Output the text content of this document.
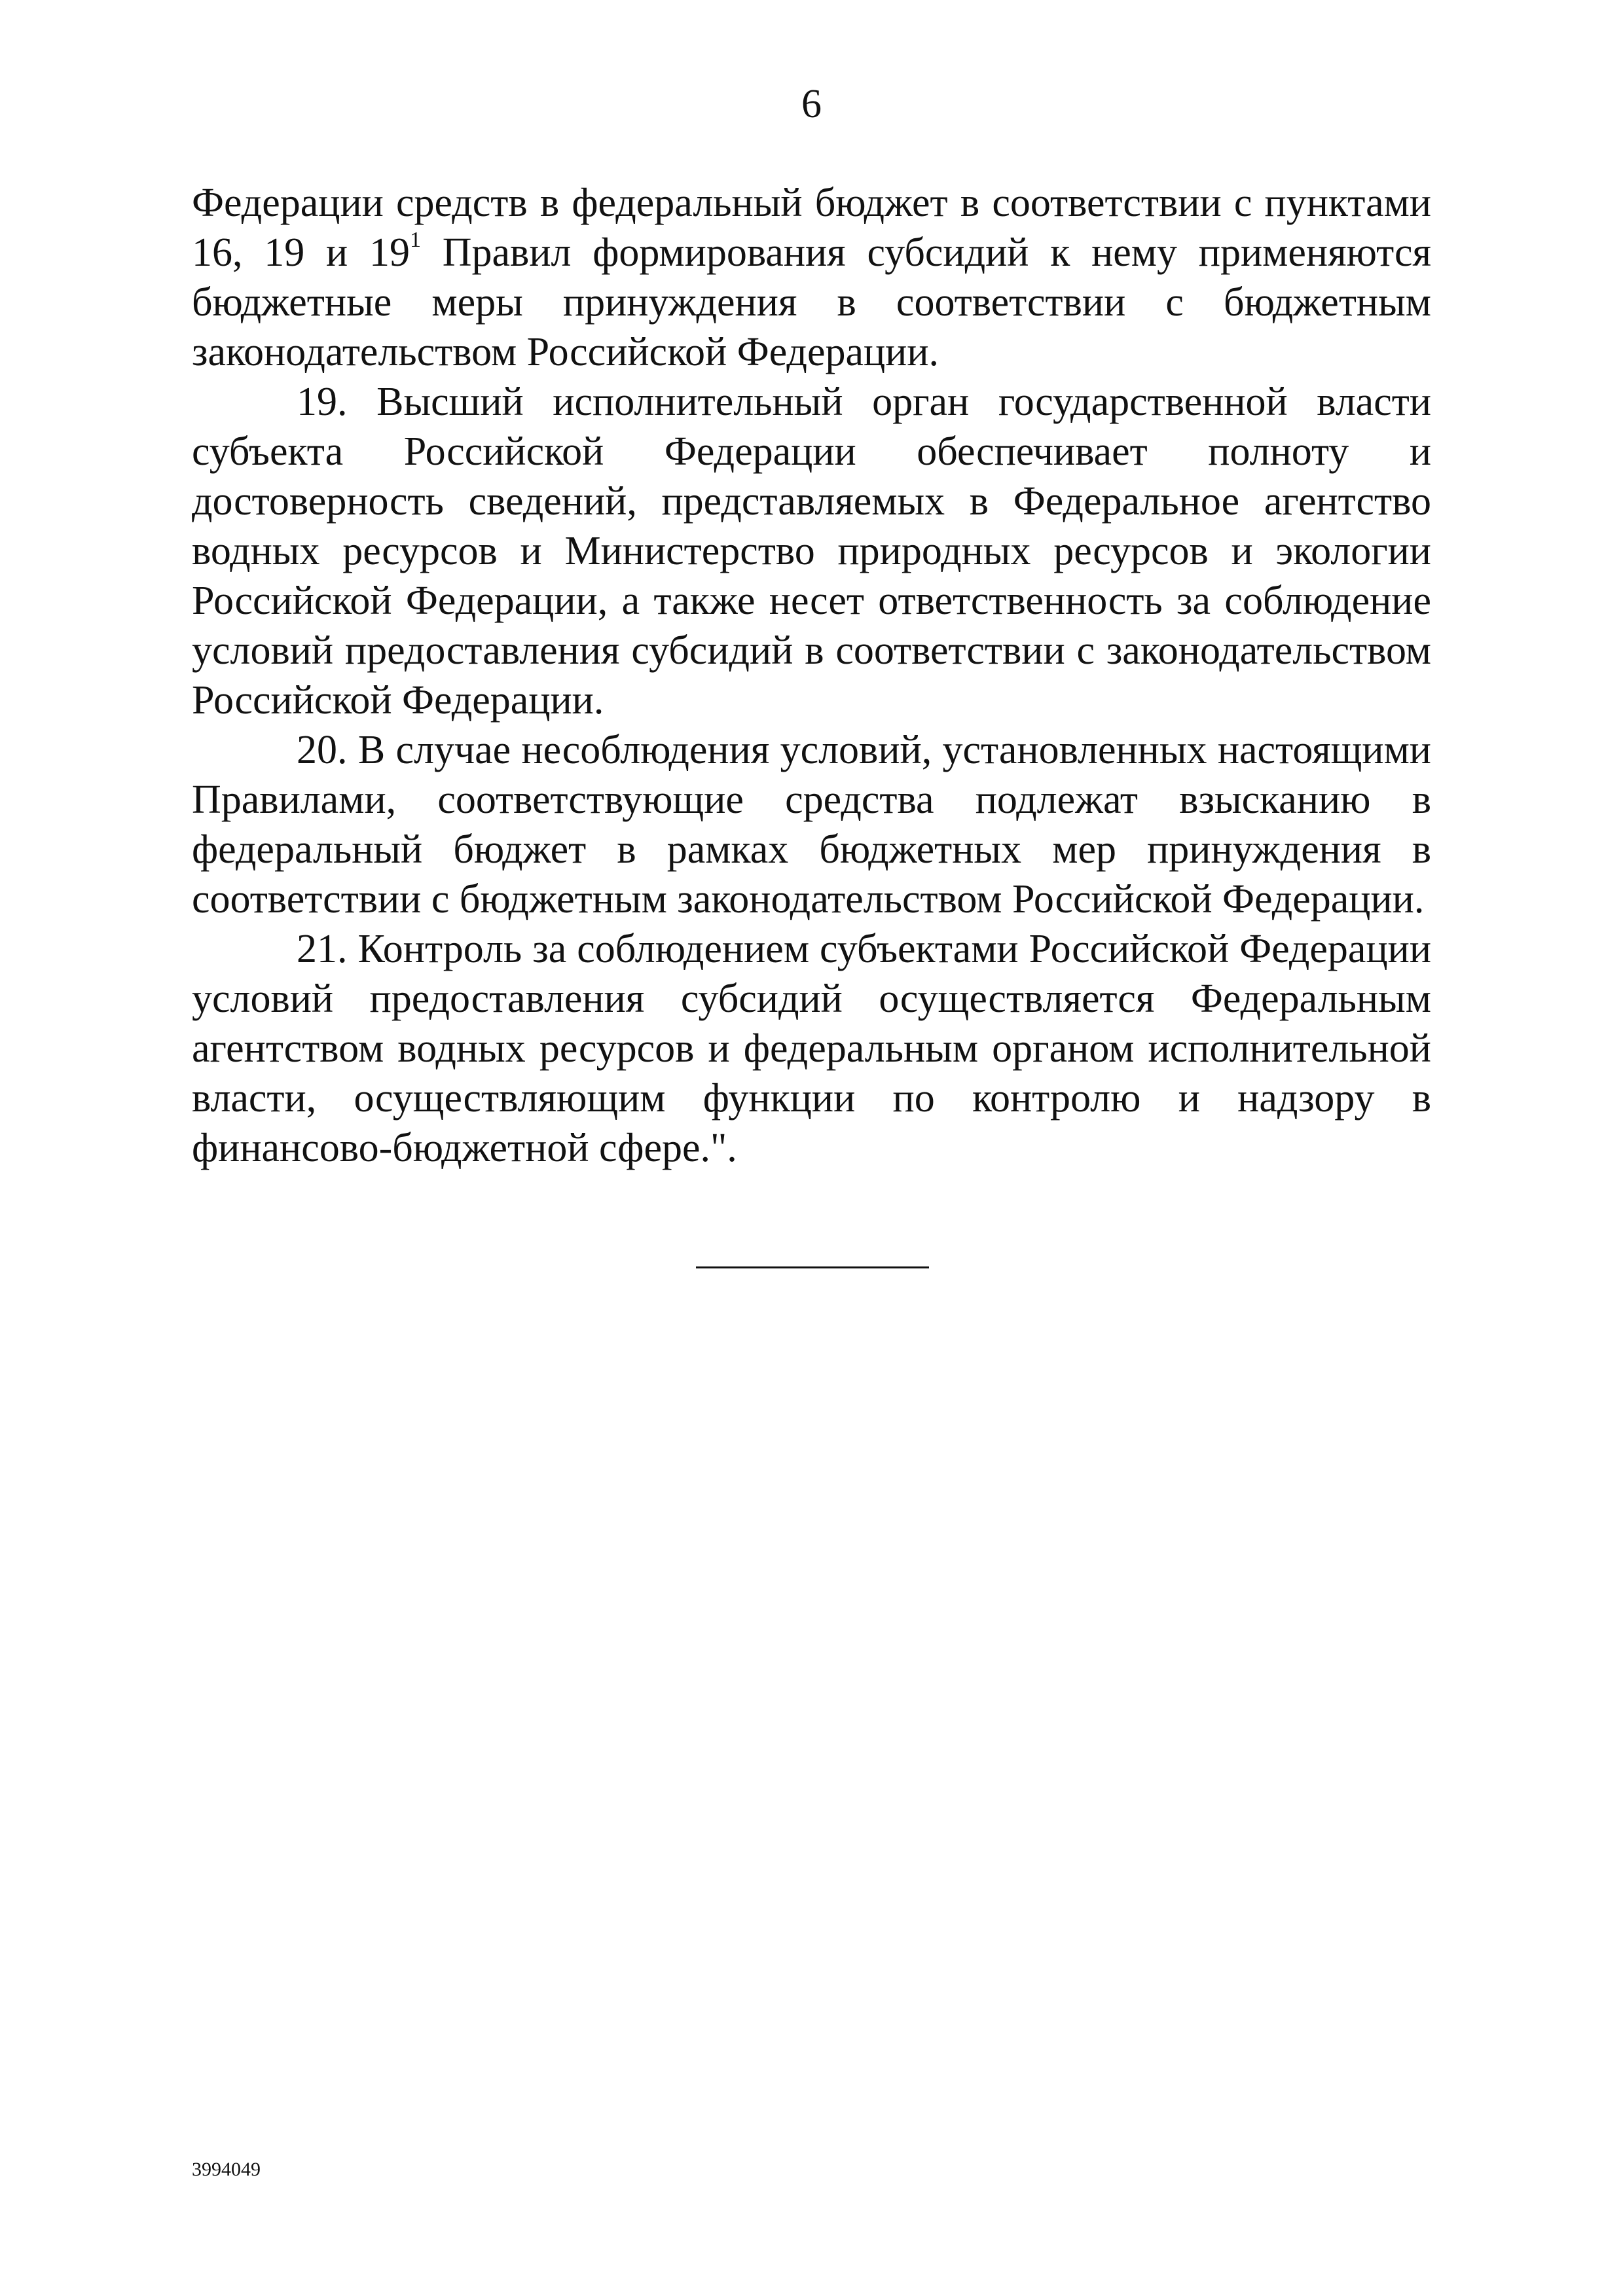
6

Федерации средств в федеральный бюджет в соответствии с пунктами 16, 19 и $19^1$ Правил формирования субсидий к нему применяются бюджетные меры принуждения в соответствии с бюджетным законодательством Российской Федерации.

19. Высший исполнительный орган государственной власти субъекта Российской Федерации обеспечивает полноту и достоверность сведений, представляемых в Федеральное агентство водных ресурсов и Министерство природных ресурсов и экологии Российской Федерации, а также несет ответственность за соблюдение условий предоставления субсидий в соответствии с законодательством Российской Федерации.

20. В случае несоблюдения условий, установленных настоящими Правилами, соответствующие средства подлежат взысканию в федеральный бюджет в рамках бюджетных мер принуждения в соответствии с бюджетным законодательством Российской Федерации.

21. Контроль за соблюдением субъектами Российской Федерации условий предоставления субсидий осуществляется Федеральным агентством водных ресурсов и федеральным органом исполнительной власти, осуществляющим функции по контролю и надзору в финансово-бюджетной сфере.".

3994049
